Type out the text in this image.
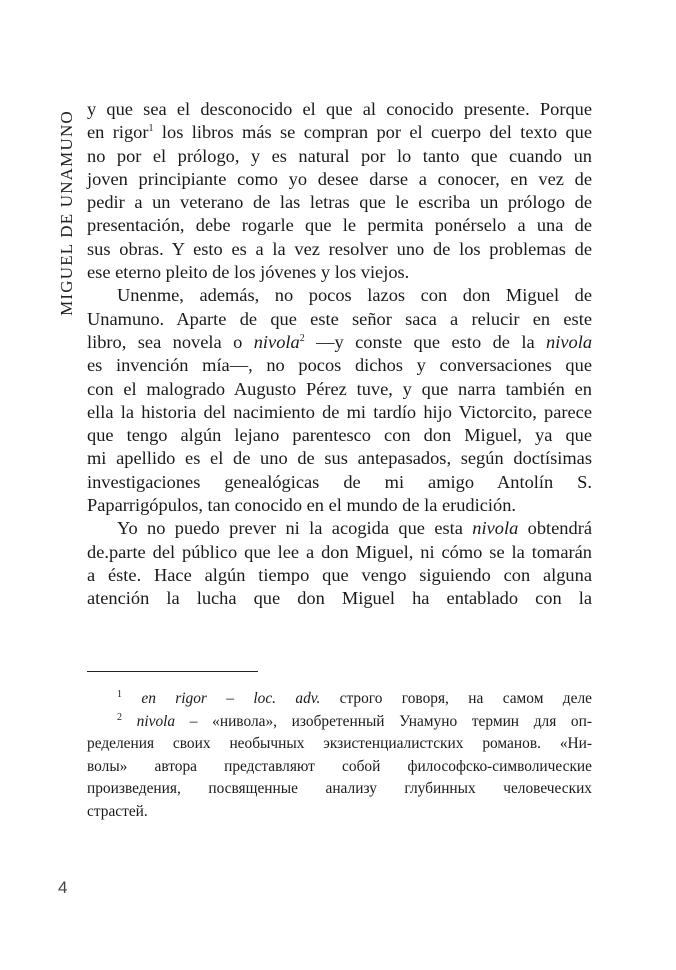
MIGUEL DE UNAMUNO
y que sea el desconocido el que al conocido presente. Porque
en rigor$^1$ los libros más se compran por el cuerpo del texto que
no por el prólogo, y es natural por lo tanto que cuando un
joven principiante como yo desee darse a conocer, en vez de
pedir a un veterano de las letras que le escriba un prólogo de
presentación, debe rogarle que le permita ponérselo a una de
sus obras. Y esto es a la vez resolver uno de los problemas de
ese eterno pleito de los jóvenes y los viejos.
Unenme, además, no pocos lazos con don Miguel de
Unamuno. Aparte de que este señor saca a relucir en este
libro, sea novela o nivola$^2$ —y conste que esto de la nivola
es invención mía—, no pocos dichos y conversaciones que
con el malogrado Augusto Pérez tuve, y que narra también en
ella la historia del nacimiento de mi tardío hijo Victorcito, parece
que tengo algún lejano parentesco con don Miguel, ya que
mi apellido es el de uno de sus antepasados, según doctísimas
investigaciones genealógicas de mi amigo Antolín S.
Paparrigópulos, tan conocido en el mundo de la erudición.
Yo no puedo prever ni la acogida que esta nivola obtendrá
de.parte del público que lee a don Miguel, ni cómo se la tomarán
a éste. Hace algún tiempo que vengo siguiendo con alguna
atención la lucha que don Miguel ha entablado con la
$^1$ en rigor – loc. adv. строго говоря, на самом деле
$^2$ nivola – «нивола», изобретенный Унамуно термин для оп-
ределения своих необычных экзистенциалистских романов. «Ни-
волы» автора представляют собой философско-символические
произведения, посвященные анализу глубинных человеческих
страстей.
4
